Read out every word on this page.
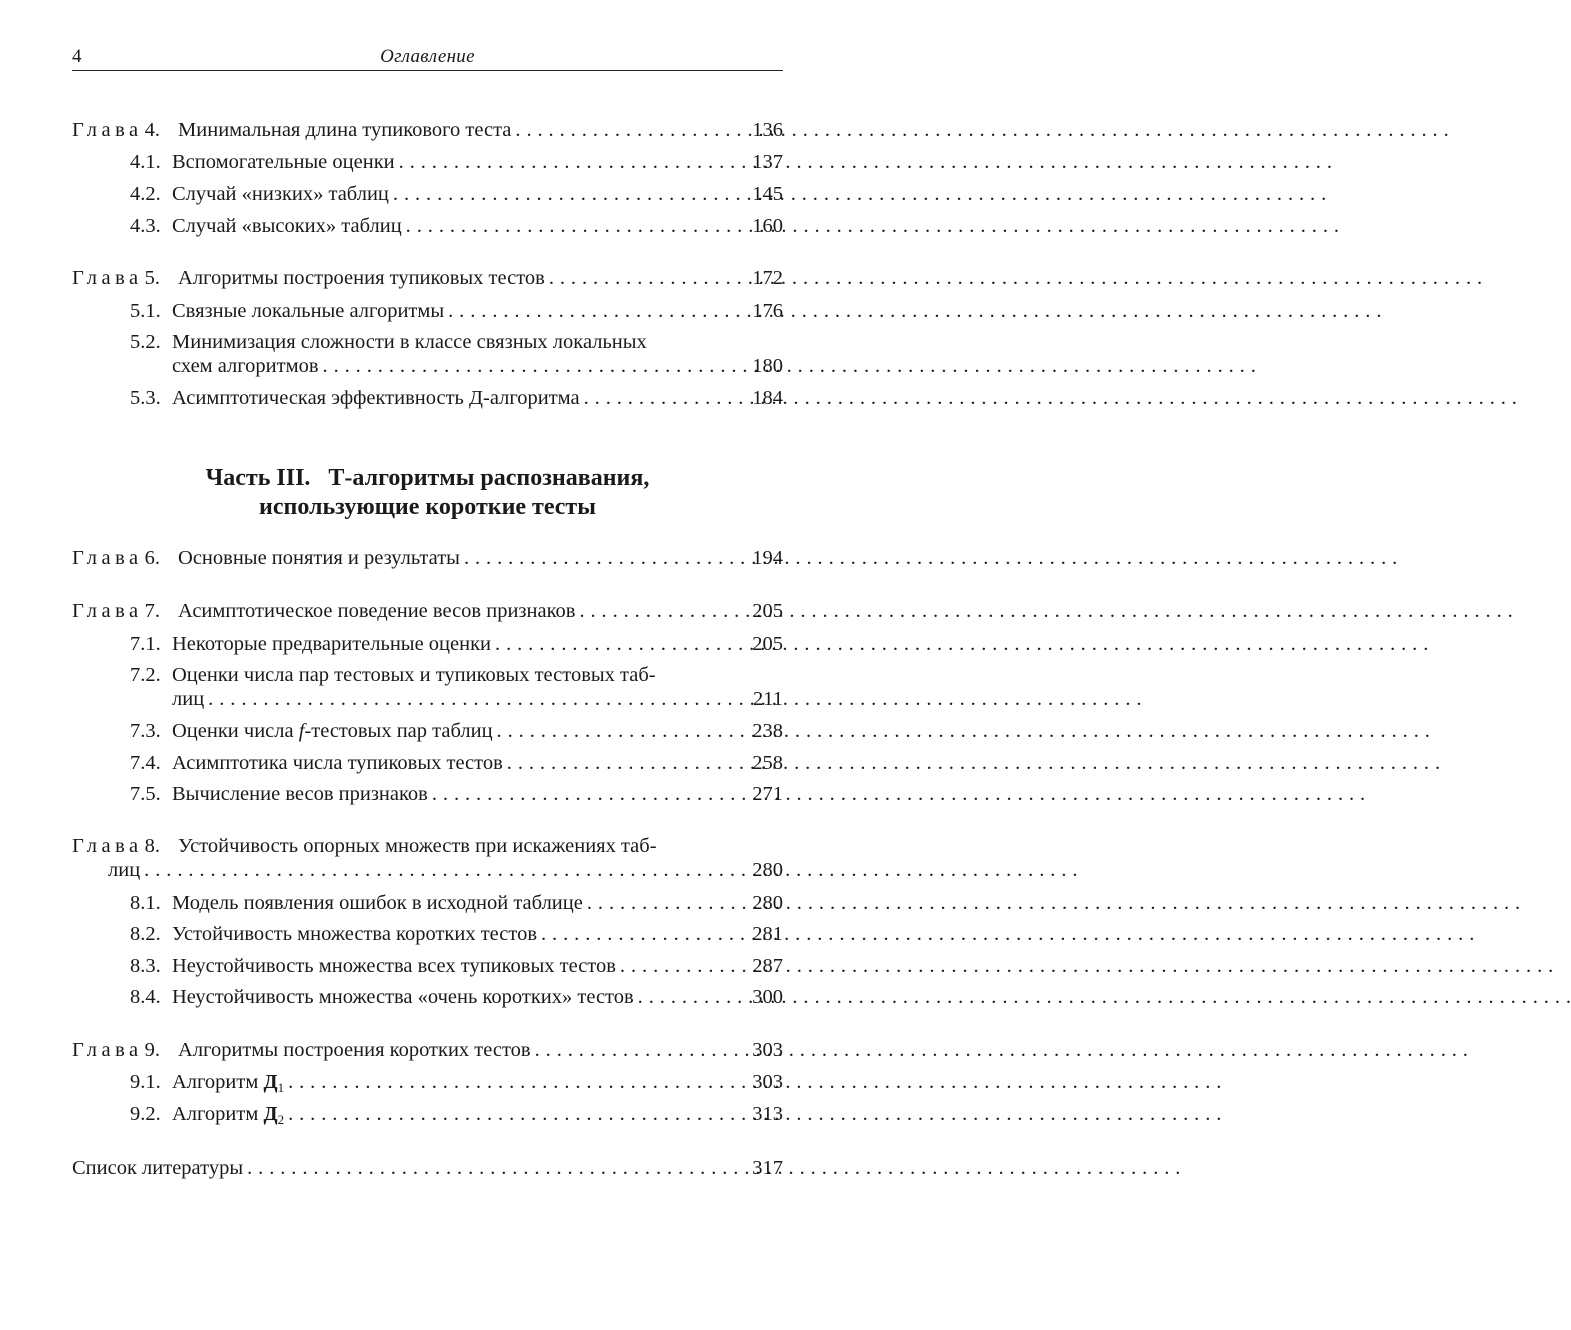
4	Оглавление
Глава 4. Минимальная длина тупикового теста . . .	136
4.1. Вспомогательные оценки . . .	137
4.2. Случай «низких» таблиц . . .	145
4.3. Случай «высоких» таблиц . . .	160
Глава 5. Алгоритмы построения тупиковых тестов . . .	172
5.1. Связные локальные алгоритмы . . .	176
5.2. Минимизация сложности в классе связных локальных
схем алгоритмов . . .	180
5.3. Асимптотическая эффективность Д-алгоритма . . .	184
Часть III. Т-алгоритмы распознавания,
использующие короткие тесты
Глава 6. Основные понятия и результаты . . .	194
Глава 7. Асимптотическое поведение весов признаков . . .	205
7.1. Некоторые предварительные оценки . . .	205
7.2. Оценки числа пар тестовых и тупиковых тестовых таб-
лиц . . .	211
7.3. Оценки числа f-тестовых пар таблиц . . .	238
7.4. Асимптотика числа тупиковых тестов . . .	258
7.5. Вычисление весов признаков . . .	271
Глава 8. Устойчивость опорных множеств при искажениях таб-
лиц . . .	280
8.1. Модель появления ошибок в исходной таблице . . .	280
8.2. Устойчивость множества коротких тестов . . .	281
8.3. Неустойчивость множества всех тупиковых тестов . . .	287
8.4. Неустойчивость множества «очень коротких» тестов . . .	300
Глава 9. Алгоритмы построения коротких тестов . . .	303
9.1. Алгоритм $Д_1$ . . .	303
9.2. Алгоритм $Д_2$ . . .	313
Список литературы . . .	317
